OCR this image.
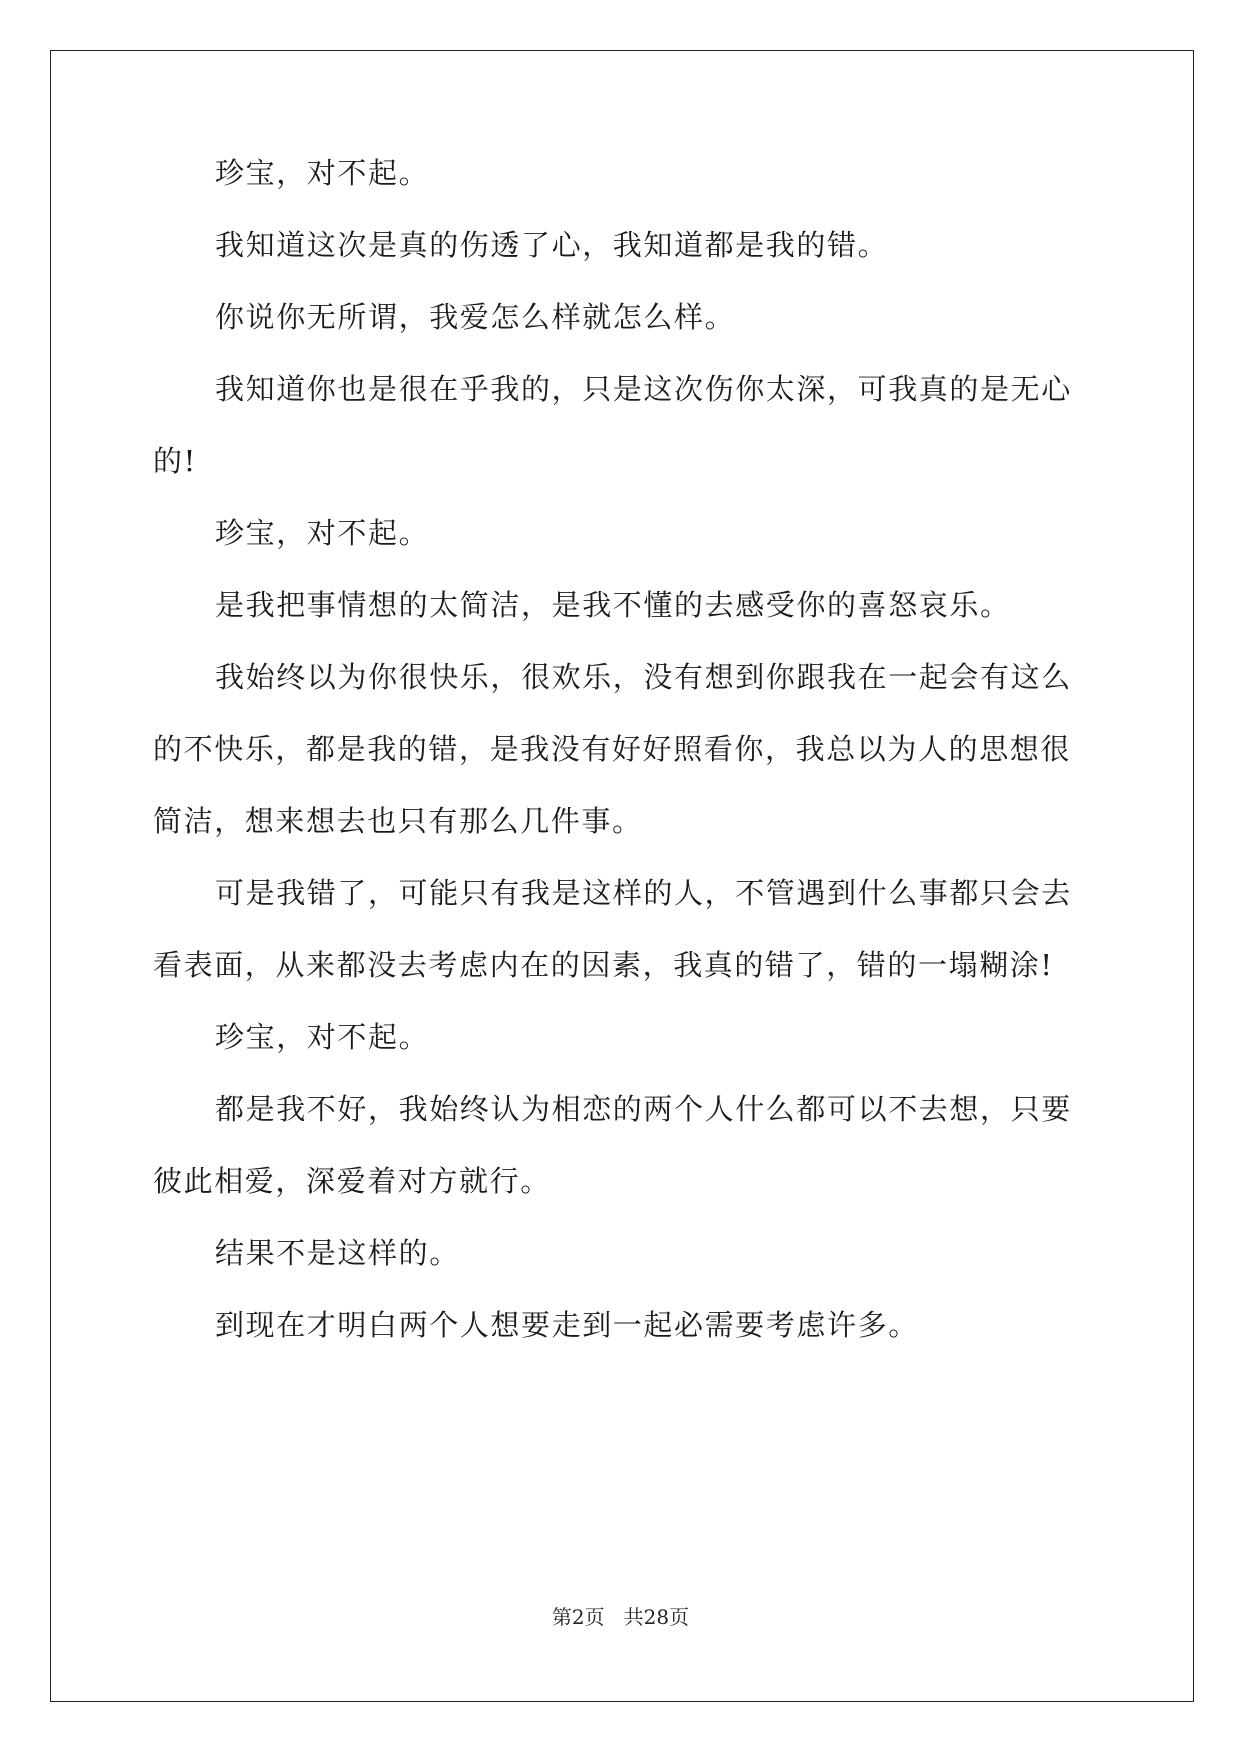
珍宝，对不起。
我知道这次是真的伤透了心，我知道都是我的错。
你说你无所谓，我爱怎么样就怎么样。
我知道你也是很在乎我的，只是这次伤你太深，可我真的是无心
的!
珍宝，对不起。
是我把事情想的太简洁，是我不懂的去感受你的喜怒哀乐。
我始终以为你很快乐，很欢乐，没有想到你跟我在一起会有这么
的不快乐，都是我的错，是我没有好好照看你，我总以为人的思想很
简洁，想来想去也只有那么几件事。
可是我错了，可能只有我是这样的人，不管遇到什么事都只会去
看表面，从来都没去考虑内在的因素，我真的错了，错的一塌糊涂!
珍宝，对不起。
都是我不好，我始终认为相恋的两个人什么都可以不去想，只要
彼此相爱，深爱着对方就行。
结果不是这样的。
到现在才明白两个人想要走到一起必需要考虑许多。
第2页   共28页
